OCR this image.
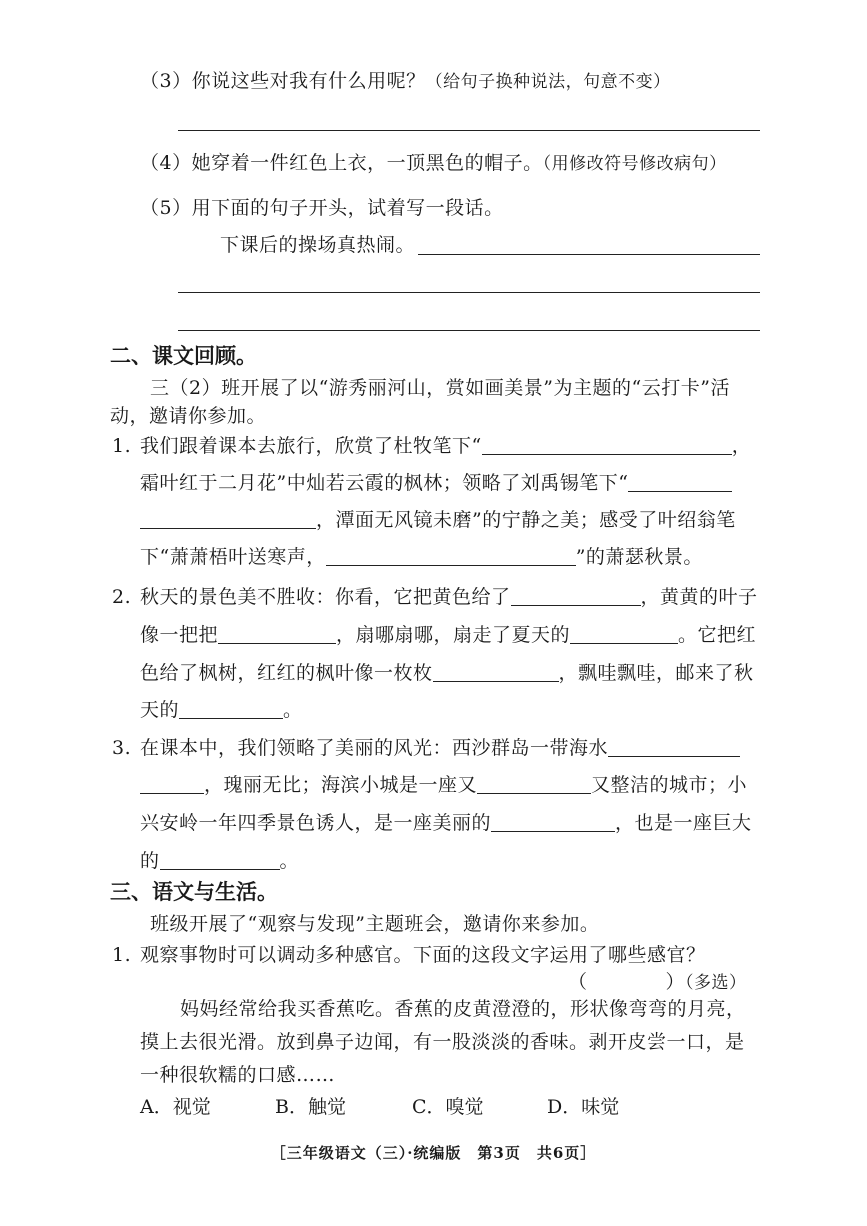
（3）你说这些对我有什么用呢？（给句子换种说法，句意不变）
（4）她穿着一件红色上衣，一顶黑色的帽子。（用修改符号修改病句）
（5）用下面的句子开头，试着写一段话。
下课后的操场真热闹。
二、课文回顾。
三（2）班开展了以“游秀丽河山，赏如画美景”为主题的“云打卡”活
动，邀请你参加。
1. 我们跟着课本去旅行，欣赏了杜牧笔下“	，
霜叶红于二月花”中灿若云霞的枫林；领略了刘禹锡笔下“
，潭面无风镜未磨”的宁静之美；感受了叶绍翁笔
下“萧萧梧叶送寒声，	”的萧瑟秋景。
2. 秋天的景色美不胜收：你看，它把黄色给了	，黄黄的叶子
像一把把	，扇哪扇哪，扇走了夏天的	。它把红
色给了枫树，红红的枫叶像一枚枚	，飘哇飘哇，邮来了秋
天的	。
3. 在课本中，我们领略了美丽的风光：西沙群岛一带海水
，瑰丽无比；海滨小城是一座又	又整洁的城市；小
兴安岭一年四季景色诱人，是一座美丽的	，也是一座巨大
的	。
三、语文与生活。
班级开展了“观察与发现”主题班会，邀请你来参加。
1. 观察事物时可以调动多种感官。下面的这段文字运用了哪些感官？
（　　　　）（多选）
妈妈经常给我买香蕉吃。香蕉的皮黄澄澄的，形状像弯弯的月亮，
摸上去很光滑。放到鼻子边闻，有一股淡淡的香味。剥开皮尝一口，是
一种很软糯的口感……
A．视觉	B．触觉	C．嗅觉	D．味觉
［三年级语文（三）·统编版　第3页　共6页］
